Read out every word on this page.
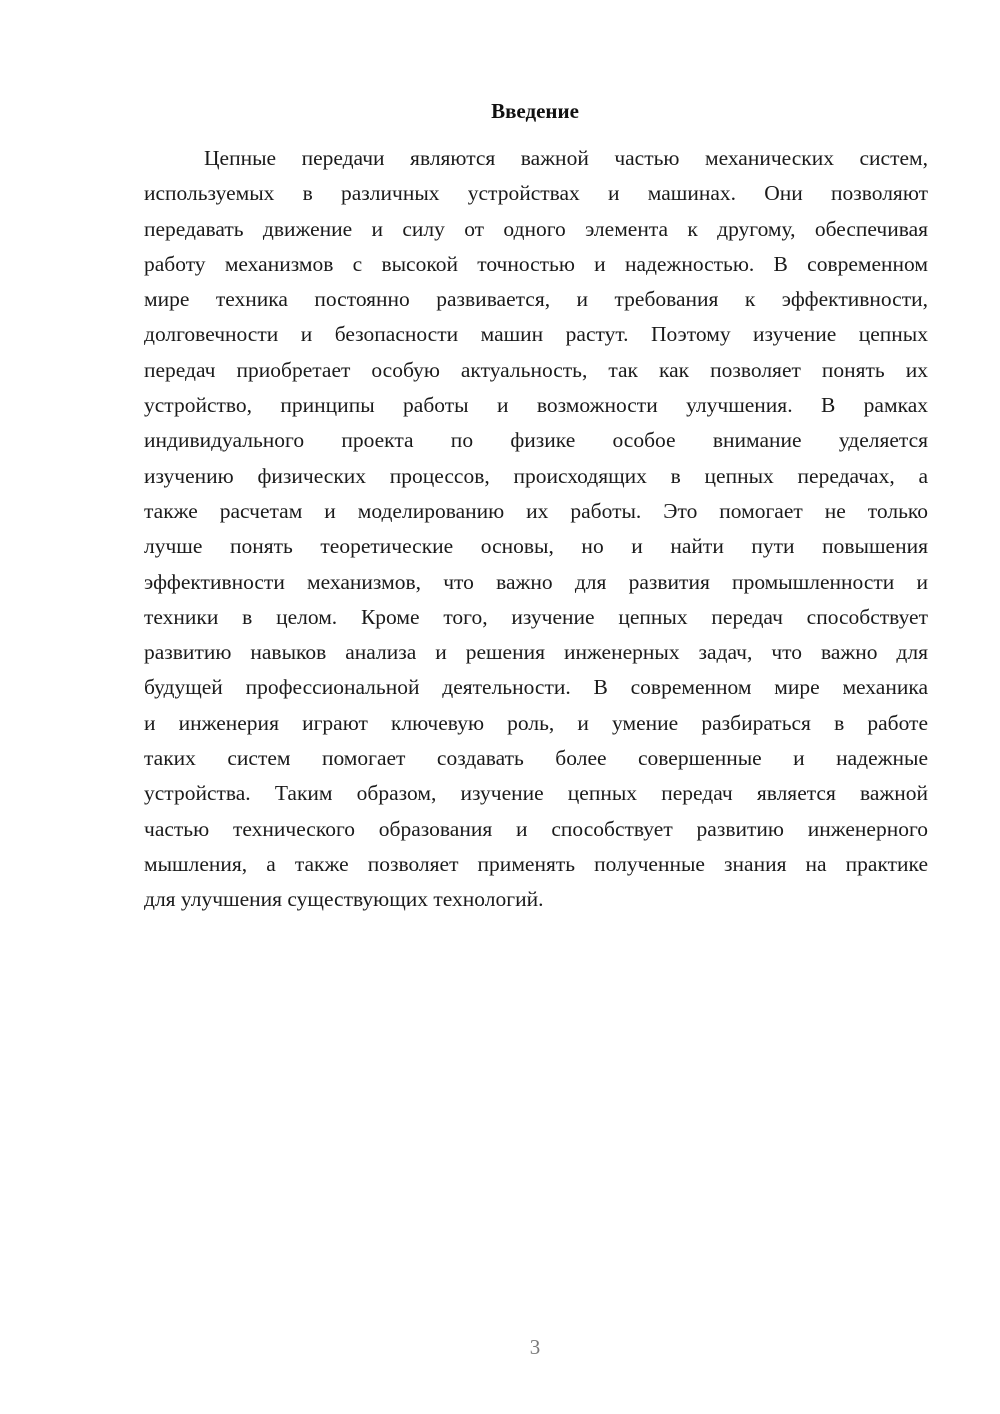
Введение
Цепные передачи являются важной частью механических систем,
используемых в различных устройствах и машинах. Они позволяют
передавать движение и силу от одного элемента к другому, обеспечивая
работу механизмов с высокой точностью и надежностью. В современном
мире техника постоянно развивается, и требования к эффективности,
долговечности и безопасности машин растут. Поэтому изучение цепных
передач приобретает особую актуальность, так как позволяет понять их
устройство, принципы работы и возможности улучшения. В рамках
индивидуального проекта по физике особое внимание уделяется
изучению физических процессов, происходящих в цепных передачах, а
также расчетам и моделированию их работы. Это помогает не только
лучше понять теоретические основы, но и найти пути повышения
эффективности механизмов, что важно для развития промышленности и
техники в целом. Кроме того, изучение цепных передач способствует
развитию навыков анализа и решения инженерных задач, что важно для
будущей профессиональной деятельности. В современном мире механика
и инженерия играют ключевую роль, и умение разбираться в работе
таких систем помогает создавать более совершенные и надежные
устройства. Таким образом, изучение цепных передач является важной
частью технического образования и способствует развитию инженерного
мышления, а также позволяет применять полученные знания на практике
для улучшения существующих технологий.
3
